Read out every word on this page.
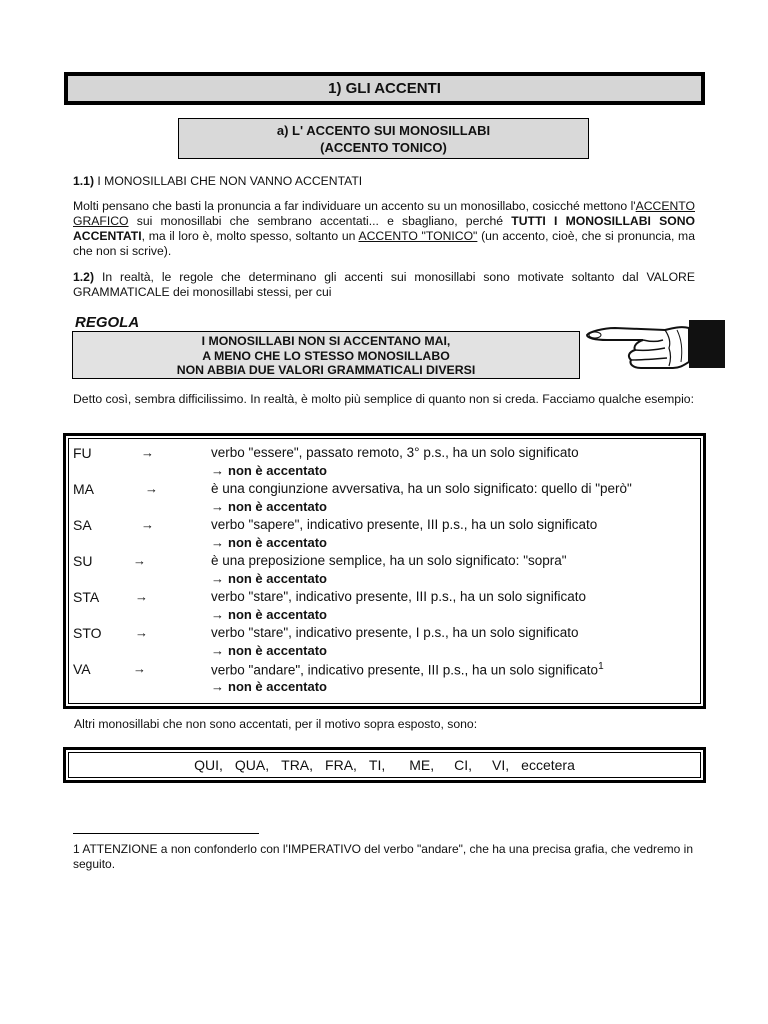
1) GLI ACCENTI
a) L' ACCENTO SUI MONOSILLABI
(ACCENTO TONICO)
1.1) I MONOSILLABI CHE NON VANNO ACCENTATI
Molti pensano che basti la pronuncia a far individuare un accento su un monosillabo, cosicché mettono l'ACCENTO GRAFICO sui monosillabi che sembrano accentati... e sbagliano, perché TUTTI I MONOSILLABI SONO ACCENTATI, ma il loro è, molto spesso, soltanto un ACCENTO "TONICO" (un accento, cioè, che si pronuncia, ma che non si scrive).
1.2) In realtà, le regole che determinano gli accenti sui monosillabi sono motivate soltanto dal VALORE GRAMMATICALE dei monosillabi stessi, per cui
REGOLA
I MONOSILLABI NON SI ACCENTANO MAI,
A MENO CHE LO STESSO MONOSILLABO
NON ABBIA DUE VALORI GRAMMATICALI DIVERSI
Detto così, sembra difficilissimo. In realtà, è molto più semplice di quanto non si creda. Facciamo qualche esempio:
FU	→	verbo "essere", passato remoto, 3° p.s., ha un solo significato
→ non è accentato
MA	→	è una congiunzione avversativa, ha un solo significato: quello di "però"
→ non è accentato
SA	→	verbo "sapere", indicativo presente, III p.s., ha un solo significato
→ non è accentato
SU	→	è una preposizione semplice, ha un solo significato: "sopra"
→ non è accentato
STA	→	verbo "stare", indicativo presente, III p.s., ha un solo significato
→ non è accentato
STO	→	verbo "stare", indicativo presente, I p.s., ha un solo significato
→ non è accentato
VA	→	verbo "andare", indicativo presente, III p.s., ha un solo significato$^1$
→ non è accentato
Altri monosillabi che non sono accentati, per il motivo sopra esposto, sono:
QUI, QUA, TRA, FRA, TI, ME, CI, VI, eccetera
1 ATTENZIONE a non confonderlo con l'IMPERATIVO del verbo "andare", che ha una precisa grafia, che vedremo in seguito.
